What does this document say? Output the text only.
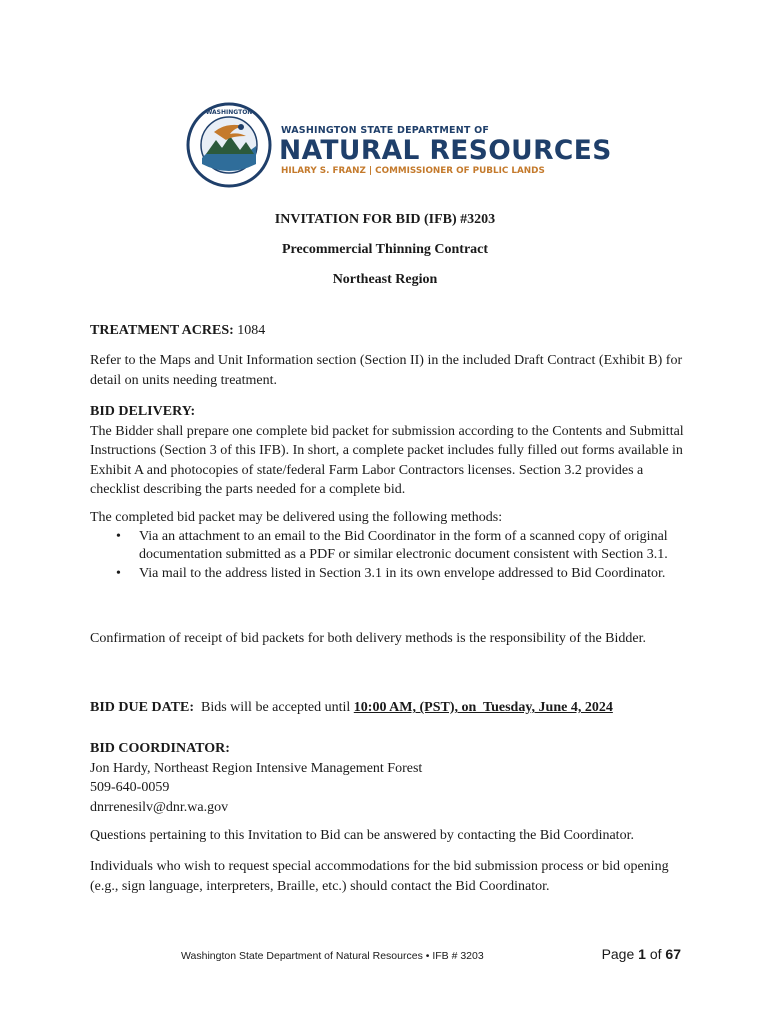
WASHINGTON
WASHINGTON STATE DEPARTMENT OF
NATURAL RESOURCES
HILARY S. FRANZ | COMMISSIONER OF PUBLIC LANDS
INVITATION FOR BID (IFB) #3203
Precommercial Thinning Contract
Northeast Region
TREATMENT ACRES: 1084
Refer to the Maps and Unit Information section (Section II) in the included Draft Contract (Exhibit B) for detail on units needing treatment.
BID DELIVERY:
The Bidder shall prepare one complete bid packet for submission according to the Contents and Submittal Instructions (Section 3 of this IFB). In short, a complete packet includes fully filled out forms available in Exhibit A and photocopies of state/federal Farm Labor Contractors licenses. Section 3.2 provides a checklist describing the parts needed for a complete bid.
The completed bid packet may be delivered using the following methods:
• Via an attachment to an email to the Bid Coordinator in the form of a scanned copy of original documentation submitted as a PDF or similar electronic document consistent with Section 3.1.
• Via mail to the address listed in Section 3.1 in its own envelope addressed to Bid Coordinator.
Confirmation of receipt of bid packets for both delivery methods is the responsibility of the Bidder.
BID DUE DATE:  Bids will be accepted until 10:00 AM, (PST), on  Tuesday, June 4, 2024
BID COORDINATOR:
Jon Hardy, Northeast Region Intensive Management Forest
509-640-0059
dnrrenesilv@dnr.wa.gov
Questions pertaining to this Invitation to Bid can be answered by contacting the Bid Coordinator.
Individuals who wish to request special accommodations for the bid submission process or bid opening (e.g., sign language, interpreters, Braille, etc.) should contact the Bid Coordinator.
Washington State Department of Natural Resources • IFB # 3203	Page 1 of 67
